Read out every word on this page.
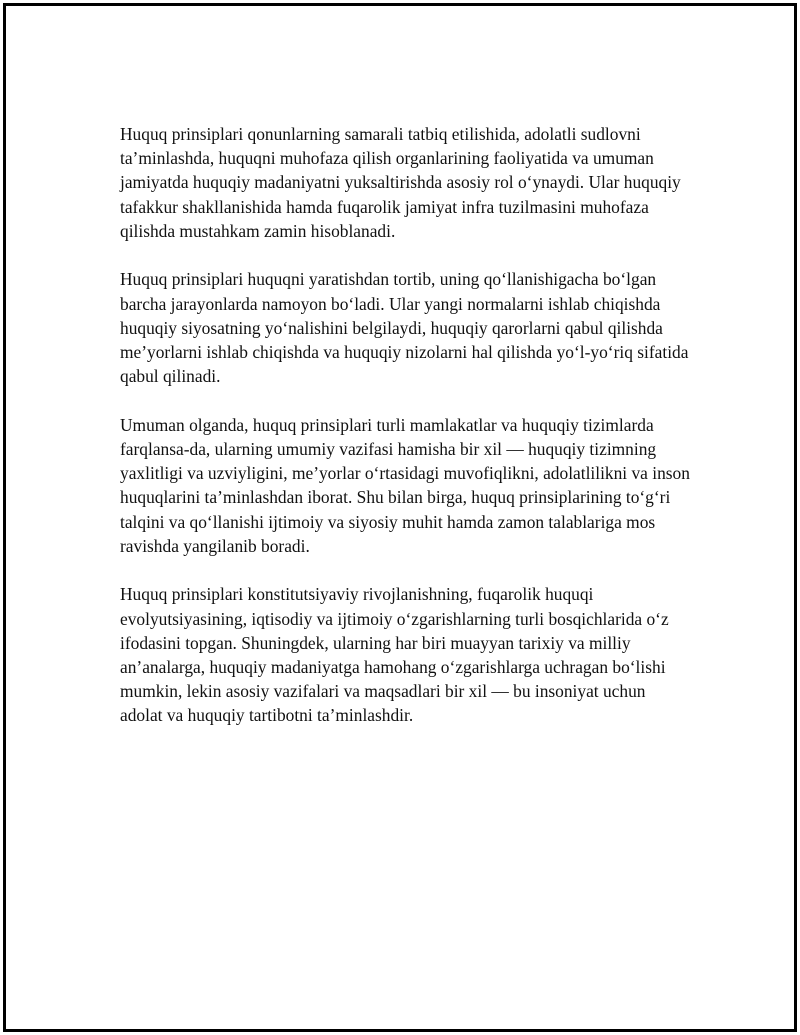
Huquq prinsiplari qonunlarning samarali tatbiq etilishida, adolatli sudlovni ta’minlashda, huquqni muhofaza qilish organlarining faoliyatida va umuman jamiyatda huquqiy madaniyatni yuksaltirishda asosiy rol o‘ynaydi. Ular huquqiy tafakkur shakllanishida hamda fuqarolik jamiyat infra tuzilmasini muhofaza qilishda mustahkam zamin hisoblanadi.

Huquq prinsiplari huquqni yaratishdan tortib, uning qo‘llanishigacha bo‘lgan barcha jarayonlarda namoyon bo‘ladi. Ular yangi normalarni ishlab chiqishda huquqiy siyosatning yo‘nalishini belgilaydi, huquqiy qarorlarni qabul qilishda me’yorlarni ishlab chiqishda va huquqiy nizolarni hal qilishda yo‘l-yo‘riq sifatida qabul qilinadi.

Umuman olganda, huquq prinsiplari turli mamlakatlar va huquqiy tizimlarda farqlansa-da, ularning umumiy vazifasi hamisha bir xil — huquqiy tizimning yaxlitligi va uzviyligini, me’yorlar o‘rtasidagi muvofiqlikni, adolatlilikni va inson huquqlarini ta’minlashdan iborat. Shu bilan birga, huquq prinsiplarining to‘g‘ri talqini va qo‘llanishi ijtimoiy va siyosiy muhit hamda zamon talablariga mos ravishda yangilanib boradi.

Huquq prinsiplari konstitutsiyaviy rivojlanishning, fuqarolik huquqi evolyutsiyasining, iqtisodiy va ijtimoiy o‘zgarishlarning turli bosqichlarida o‘z ifodasini topgan. Shuningdek, ularning har biri muayyan tarixiy va milliy an’analarga, huquqiy madaniyatga hamohang o‘zgarishlarga uchragan bo‘lishi mumkin, lekin asosiy vazifalari va maqsadlari bir xil — bu insoniyat uchun adolat va huquqiy tartibotni ta’minlashdir.
